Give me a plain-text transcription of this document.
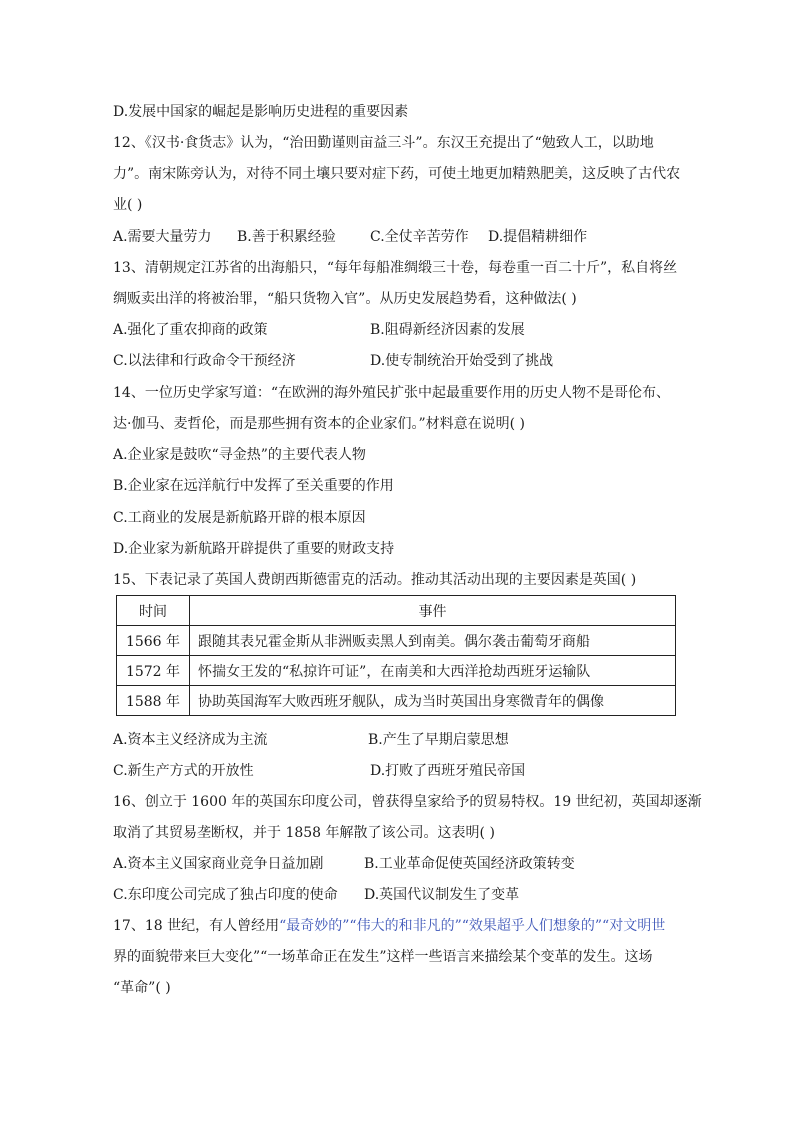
D.发展中国家的崛起是影响历史进程的重要因素
12、《汉书·食货志》认为，“治田勤谨则亩益三斗”。东汉王充提出了“勉致人工，以助地
力”。南宋陈旁认为，对待不同土壤只要对症下药，可使土地更加精熟肥美，这反映了古代农
业( )
A.需要大量劳力 B.善于积累经验 C.全仗辛苦劳作 D.提倡精耕细作
13、清朝规定江苏省的出海船只，“每年每船准绸缎三十卷，每卷重一百二十斤”，私自将丝
绸贩卖出洋的将被治罪，“船只货物入官”。从历史发展趋势看，这种做法( )
A.强化了重农抑商的政策	B.阻碍新经济因素的发展
C.以法律和行政命令干预经济	D.使专制统治开始受到了挑战
14、一位历史学家写道：“在欧洲的海外殖民扩张中起最重要作用的历史人物不是哥伦布、
达·伽马、麦哲伦，而是那些拥有资本的企业家们。”材料意在说明( )
A.企业家是鼓吹“寻金热”的主要代表人物
B.企业家在远洋航行中发挥了至关重要的作用
C.工商业的发展是新航路开辟的根本原因
D.企业家为新航路开辟提供了重要的财政支持
15、下表记录了英国人费朗西斯德雷克的活动。推动其活动出现的主要因素是英国( )
时间	事件
1566 年	跟随其表兄霍金斯从非洲贩卖黑人到南美。偶尔袭击葡萄牙商船
1572 年	怀揣女王发的“私掠许可证”，在南美和大西洋抢劫西班牙运输队
1588 年	协助英国海军大败西班牙舰队，成为当时英国出身寒微青年的偶像
A.资本主义经济成为主流	B.产生了早期启蒙思想
C.新生产方式的开放性	D.打败了西班牙殖民帝国
16、创立于 1600 年的英国东印度公司，曾获得皇家给予的贸易特权。19 世纪初，英国却逐渐
取消了其贸易垄断权，并于 1858 年解散了该公司。这表明( )
A.资本主义国家商业竞争日益加剧	B.工业革命促使英国经济政策转变
C.东印度公司完成了独占印度的使命 D.英国代议制发生了变革
17、18 世纪，有人曾经用“最奇妙的”“伟大的和非凡的”“效果超乎人们想象的”“对文明世
界的面貌带来巨大变化”“一场革命正在发生”这样一些语言来描绘某个变革的发生。这场
“革命”( )
